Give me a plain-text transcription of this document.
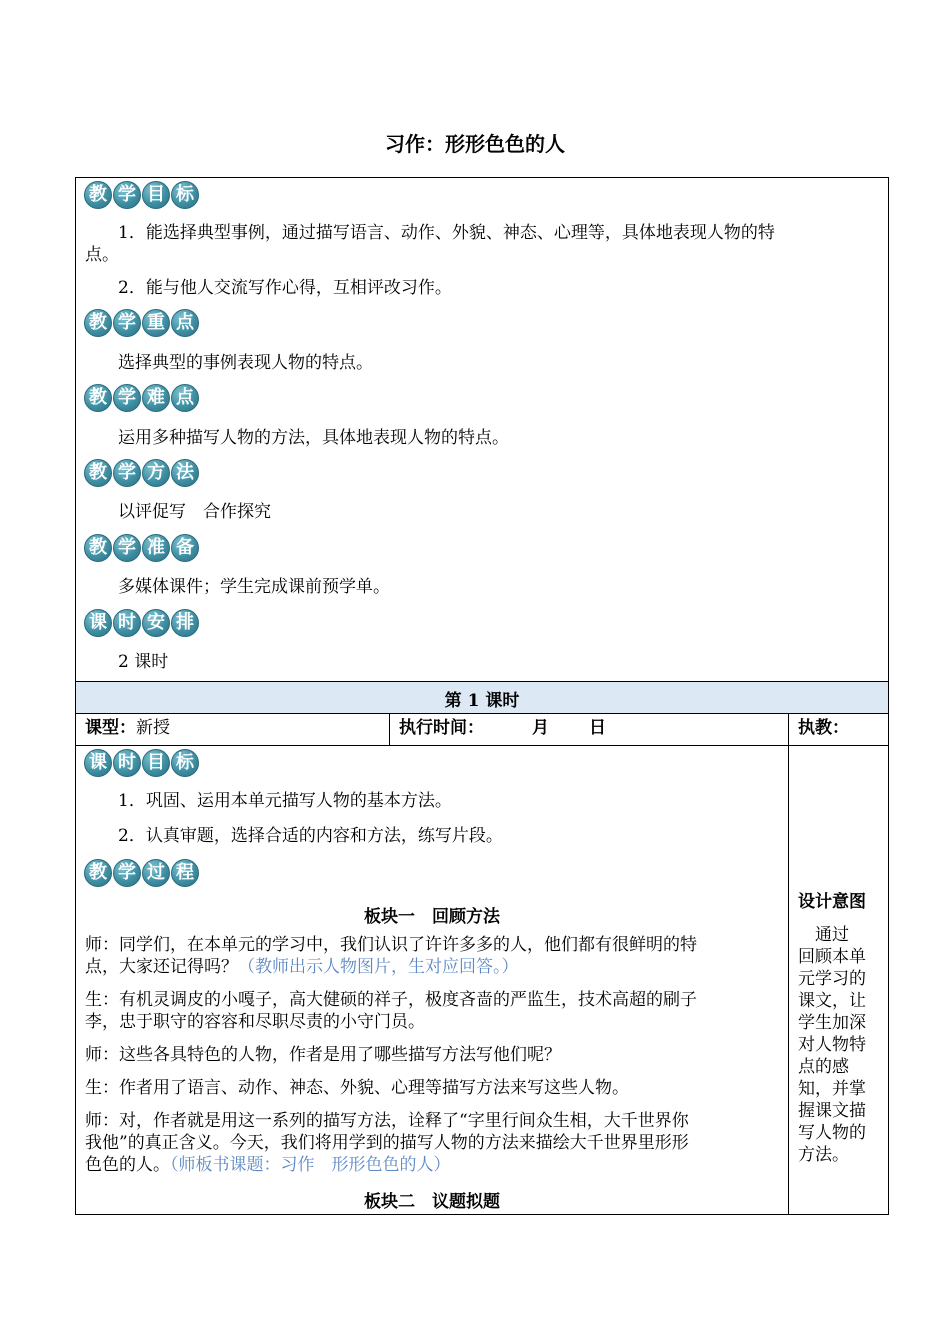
习作：形形色色的人
教 学 目 标
1．能选择典型事例，通过描写语言、动作、外貌、神态、心理等，具体地表现人物的特
点。
2．能与他人交流写作心得，互相评改习作。
教 学 重 点
选择典型的事例表现人物的特点。
教 学 难 点
运用多种描写人物的方法，具体地表现人物的特点。
教 学 方 法
以评促写　合作探究
教 学 准 备
多媒体课件；学生完成课前预学单。
课 时 安 排
2 课时
第 1 课时
课型：新授	执行时间：	月 日	执教：
课 时 目 标
1．巩固、运用本单元描写人物的基本方法。
2．认真审题，选择合适的内容和方法，练写片段。
教 学 过 程
板块一　回顾方法
师：同学们，在本单元的学习中，我们认识了许许多多的人，他们都有很鲜明的特
点，大家还记得吗？（教师出示人物图片，生对应回答。）
生：有机灵调皮的小嘎子，高大健硕的祥子，极度吝啬的严监生，技术高超的刷子
李，忠于职守的容容和尽职尽责的小守门员。
师：这些各具特色的人物，作者是用了哪些描写方法写他们呢？
生：作者用了语言、动作、神态、外貌、心理等描写方法来写这些人物。
师：对，作者就是用这一系列的描写方法，诠释了“字里行间众生相，大千世界你
我他”的真正含义。今天，我们将用学到的描写人物的方法来描绘大千世界里形形
色色的人。（师板书课题：习作　形形色色的人）
板块二　议题拟题
设计意图
　通过
回顾本单
元学习的
课文，让
学生加深
对人物特
点的感
知，并掌
握课文描
写人物的
方法。
